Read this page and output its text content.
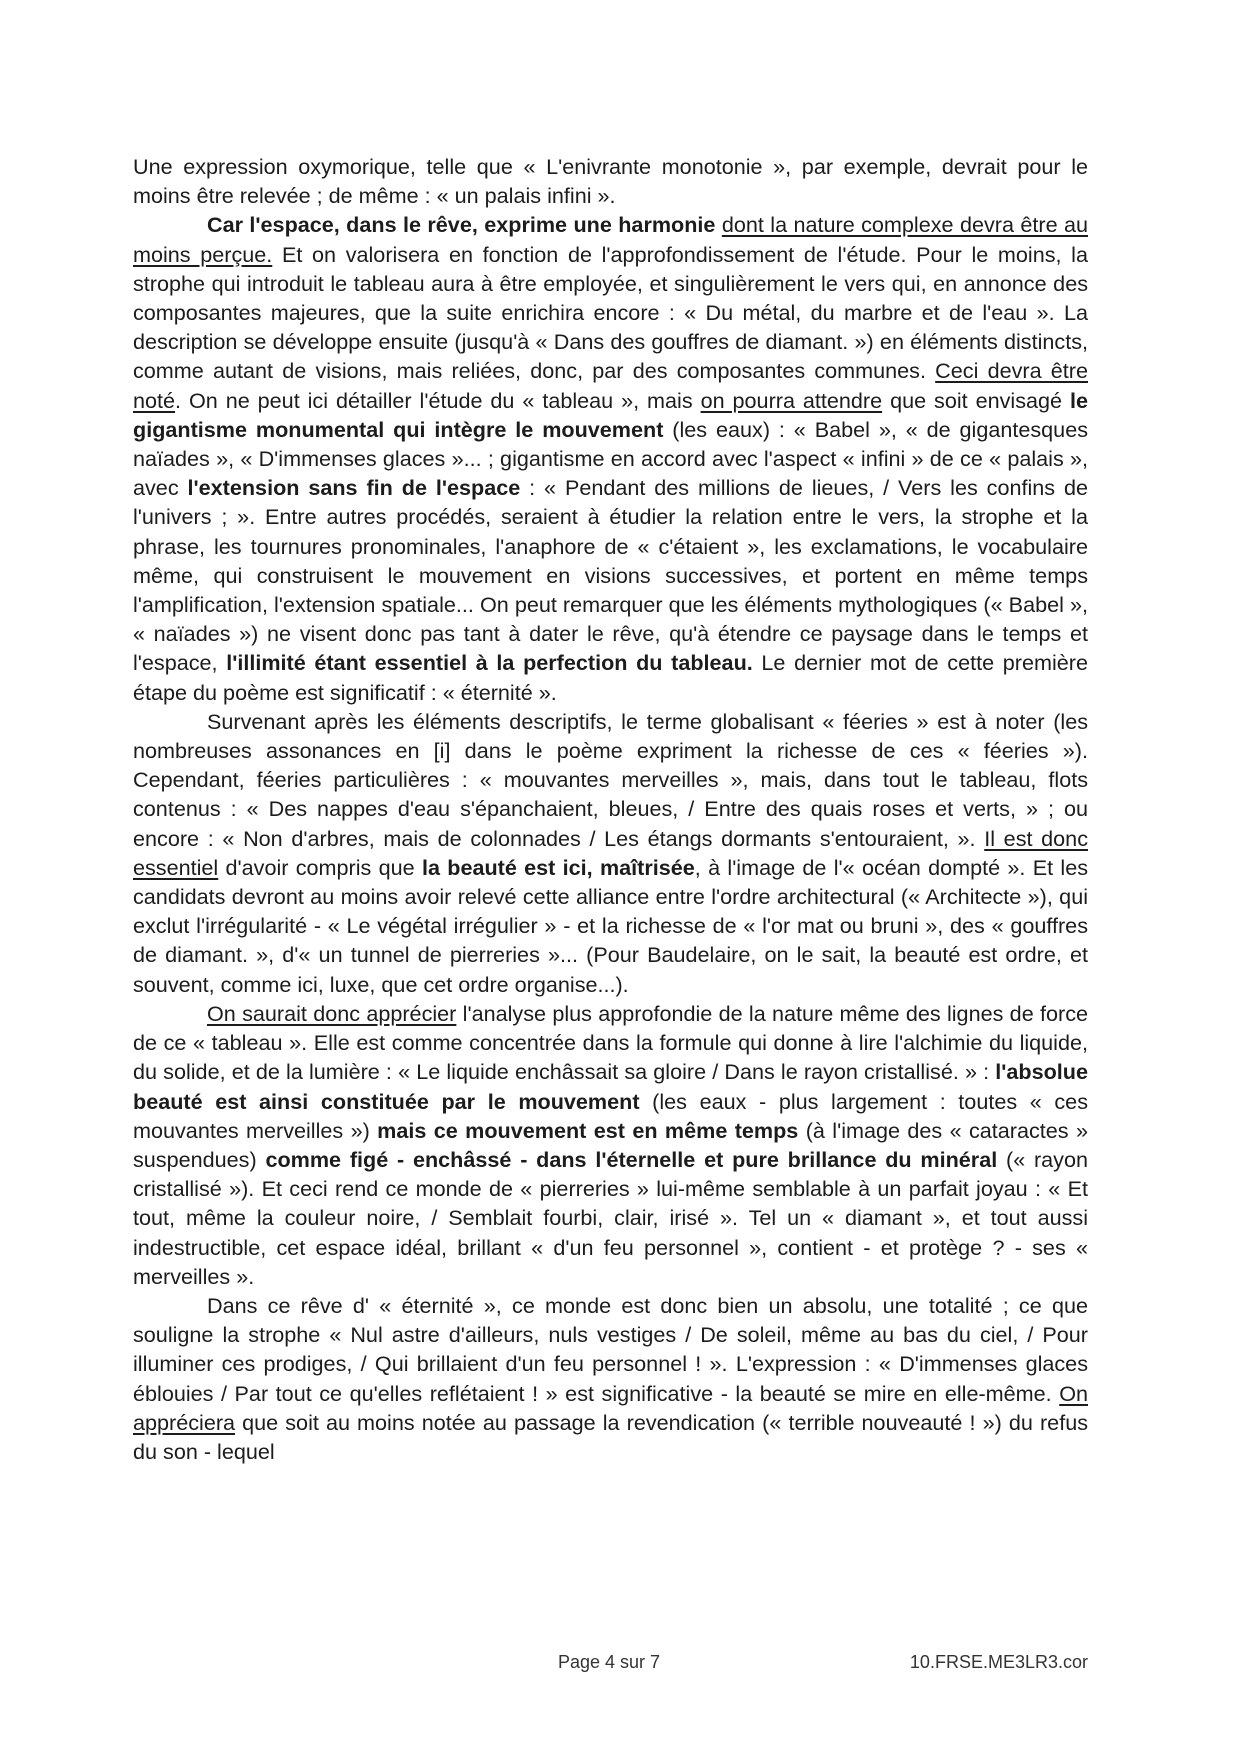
Une expression oxymorique, telle que « L'enivrante monotonie », par exemple, devrait pour le moins être relevée ; de même : « un palais infini ».

Car l'espace, dans le rêve, exprime une harmonie dont la nature complexe devra être au moins perçue. Et on valorisera en fonction de l'approfondissement de l'étude. Pour le moins, la strophe qui introduit le tableau aura à être employée, et singulièrement le vers qui, en annonce des composantes majeures, que la suite enrichira encore : « Du métal, du marbre et de l'eau ». La description se développe ensuite (jusqu'à « Dans des gouffres de diamant. ») en éléments distincts, comme autant de visions, mais reliées, donc, par des composantes communes. Ceci devra être noté. On ne peut ici détailler l'étude du « tableau », mais on pourra attendre que soit envisagé le gigantisme monumental qui intègre le mouvement (les eaux) : « Babel », « de gigantesques naïades », « D'immenses glaces »... ; gigantisme en accord avec l'aspect « infini » de ce « palais », avec l'extension sans fin de l'espace : « Pendant des millions de lieues, / Vers les confins de l'univers ; ». Entre autres procédés, seraient à étudier la relation entre le vers, la strophe et la phrase, les tournures pronominales, l'anaphore de « c'étaient », les exclamations, le vocabulaire même, qui construisent le mouvement en visions successives, et portent en même temps l'amplification, l'extension spatiale... On peut remarquer que les éléments mythologiques (« Babel », « naïades ») ne visent donc pas tant à dater le rêve, qu'à étendre ce paysage dans le temps et l'espace, l'illimité étant essentiel à la perfection du tableau. Le dernier mot de cette première étape du poème est significatif : « éternité ».

Survenant après les éléments descriptifs, le terme globalisant « féeries » est à noter (les nombreuses assonances en [i] dans le poème expriment la richesse de ces « féeries »). Cependant, féeries particulières : « mouvantes merveilles », mais, dans tout le tableau, flots contenus : « Des nappes d'eau s'épanchaient, bleues, / Entre des quais roses et verts, » ; ou encore : « Non d'arbres, mais de colonnades / Les étangs dormants s'entouraient, ». Il est donc essentiel d'avoir compris que la beauté est ici, maîtrisée, à l'image de l'« océan dompté ». Et les candidats devront au moins avoir relevé cette alliance entre l'ordre architectural (« Architecte »), qui exclut l'irrégularité - « Le végétal irrégulier » - et la richesse de « l'or mat ou bruni », des « gouffres de diamant. », d'« un tunnel de pierreries »... (Pour Baudelaire, on le sait, la beauté est ordre, et souvent, comme ici, luxe, que cet ordre organise...).

On saurait donc apprécier l'analyse plus approfondie de la nature même des lignes de force de ce « tableau ». Elle est comme concentrée dans la formule qui donne à lire l'alchimie du liquide, du solide, et de la lumière : « Le liquide enchâssait sa gloire / Dans le rayon cristallisé. » : l'absolue beauté est ainsi constituée par le mouvement (les eaux - plus largement : toutes « ces mouvantes merveilles ») mais ce mouvement est en même temps (à l'image des « cataractes » suspendues) comme figé - enchâssé - dans l'éternelle et pure brillance du minéral (« rayon cristallisé »). Et ceci rend ce monde de « pierreries » lui-même semblable à un parfait joyau : « Et tout, même la couleur noire, / Semblait fourbi, clair, irisé ». Tel un « diamant », et tout aussi indestructible, cet espace idéal, brillant « d'un feu personnel », contient - et protège ? - ses « merveilles ».

Dans ce rêve d' « éternité », ce monde est donc bien un absolu, une totalité ; ce que souligne la strophe « Nul astre d'ailleurs, nuls vestiges / De soleil, même au bas du ciel, / Pour illuminer ces prodiges, / Qui brillaient d'un feu personnel ! ». L'expression : « D'immenses glaces éblouies / Par tout ce qu'elles reflétaient ! » est significative - la beauté se mire en elle-même. On appréciera que soit au moins notée au passage la revendication (« terrible nouveauté ! ») du refus du son - lequel

Page 4 sur 7	10.FRSE.ME3LR3.cor
